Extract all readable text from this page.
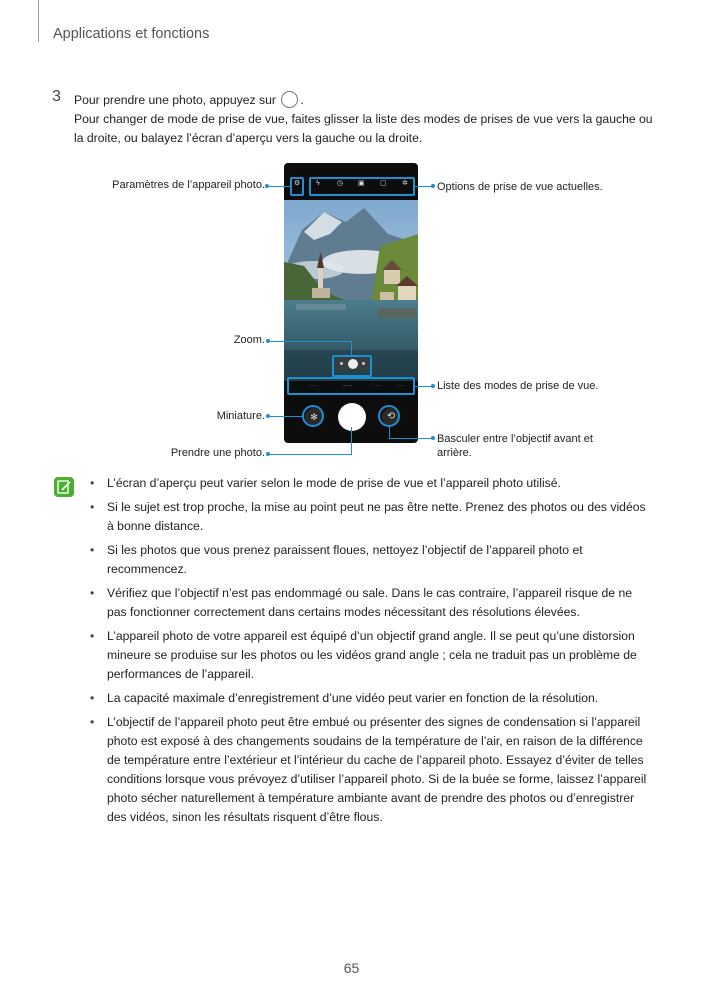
Applications et fonctions
3 Pour prendre une photo, appuyez sur .
Pour changer de mode de prise de vue, faites glisser la liste des modes de prises de vue vers la gauche ou la droite, ou balayez l’écran d’aperçu vers la gauche ou la droite.
⚙ ϟ ◷ ▣ ▢ ✲
··	······	······	····	·····
✻	⟲
Paramètres de l’appareil photo.	Options de prise de vue actuelles.
Zoom.
Liste des modes de prise de vue.
Miniature.
Basculer entre l’objectif avant et arrière.
Prendre une photo.
• L’écran d’aperçu peut varier selon le mode de prise de vue et l’appareil photo utilisé.
• Si le sujet est trop proche, la mise au point peut ne pas être nette. Prenez des photos ou des vidéos à bonne distance.
• Si les photos que vous prenez paraissent floues, nettoyez l’objectif de l’appareil photo et recommencez.
• Vérifiez que l’objectif n’est pas endommagé ou sale. Dans le cas contraire, l’appareil risque de ne pas fonctionner correctement dans certains modes nécessitant des résolutions élevées.
• L’appareil photo de votre appareil est équipé d’un objectif grand angle. Il se peut qu’une distorsion mineure se produise sur les photos ou les vidéos grand angle ; cela ne traduit pas un problème de performances de l’appareil.
• La capacité maximale d’enregistrement d’une vidéo peut varier en fonction de la résolution.
• L’objectif de l’appareil photo peut être embué ou présenter des signes de condensation si l’appareil photo est exposé à des changements soudains de la température de l’air, en raison de la différence de température entre l’extérieur et l’intérieur du cache de l’appareil photo. Essayez d’éviter de telles conditions lorsque vous prévoyez d’utiliser l’appareil photo. Si de la buée se forme, laissez l’appareil photo sécher naturellement à température ambiante avant de prendre des photos ou d’enregistrer des vidéos, sinon les résultats risquent d’être flous.
65
